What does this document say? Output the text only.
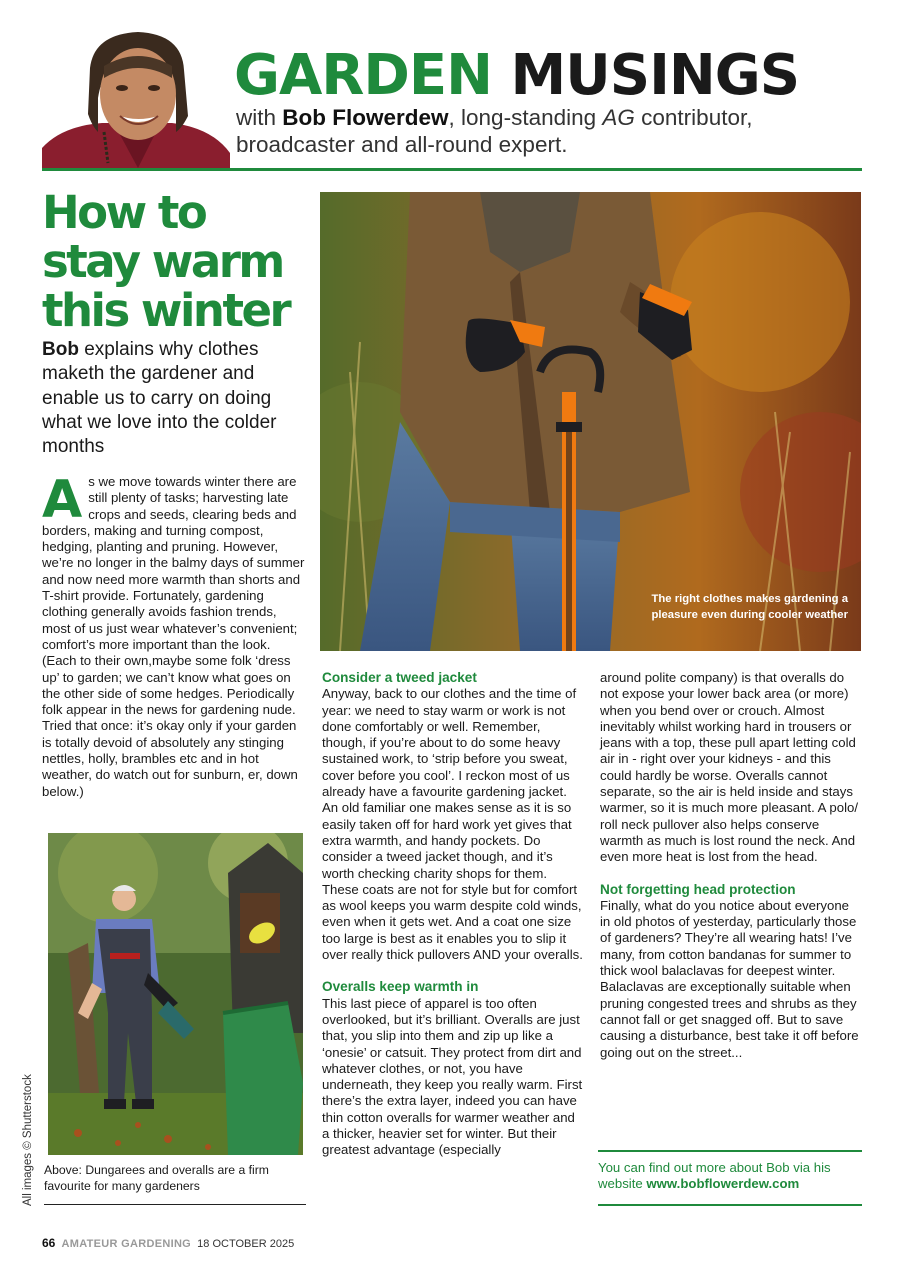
GARDEN MUSINGS
with Bob Flowerdew, long-standing AG contributor, broadcaster and all-round expert.
How to stay warm this winter
Bob explains why clothes maketh the gardener and enable us to carry on doing what we love into the colder months
A s we move towards winter there are still plenty of tasks; harvesting late crops and seeds, clearing beds and borders, making and turning compost, hedging, planting and pruning. However, we’re no longer in the balmy days of summer and now need more warmth than shorts and T-shirt provide. Fortunately, gardening clothing generally avoids fashion trends, most of us just wear whatever’s convenient; comfort’s more important than the look. (Each to their own,maybe some folk ‘dress up’ to garden; we can’t know what goes on the other side of some hedges. Periodically folk appear in the news for gardening nude. Tried that once: it’s okay only if your garden is totally devoid of absolutely any stinging nettles, holly, brambles etc and in hot weather, do watch out for sunburn, er, down below.)

The right clothes makes gardening a pleasure even during cooler weather
Above: Dungarees and overalls are a firm favourite for many gardeners
All images © Shutterstock

Consider a tweed jacket

Anyway, back to our clothes and the time of year: we need to stay warm or work is not done comfortably or well. Remember, though, if you’re about to do some heavy sustained work, to ‘strip before you sweat, cover before you cool’. I reckon most of us already have a favourite gardening jacket. An old familiar one makes sense as it is so easily taken off for hard work yet gives that extra warmth, and handy pockets. Do consider a tweed jacket though, and it’s worth checking charity shops for them. These coats are not for style but for comfort as wool keeps you warm despite cold winds, even when it gets wet. And a coat one size too large is best as it enables you to slip it over really thick pullovers AND your overalls.

Overalls keep warmth in

This last piece of apparel is too often overlooked, but it’s brilliant. Overalls are just that, you slip into them and zip up like a ‘onesie’ or catsuit. They protect from dirt and whatever clothes, or not, you have underneath, they keep you really warm. First there’s the extra layer, indeed you can have thin cotton overalls for warmer weather and a thicker, heavier set for winter. But their greatest advantage (especially

around polite company) is that overalls do not expose your lower back area (or more) when you bend over or crouch. Almost inevitably whilst working hard in trousers or jeans with a top, these pull apart letting cold air in - right over your kidneys - and this could hardly be worse. Overalls cannot separate, so the air is held inside and stays warmer, so it is much more pleasant. A polo/ roll neck pullover also helps conserve warmth as much is lost round the neck. And even more heat is lost from the head.

Not forgetting head protection

Finally, what do you notice about everyone in old photos of yesterday, particularly those of gardeners? They’re all wearing hats! I’ve many, from cotton bandanas for summer to thick wool balaclavas for deepest winter. Balaclavas are exceptionally suitable when pruning congested trees and shrubs as they cannot fall or get snagged off. But to save causing a disturbance, best take it off before going out on the street...

You can find out more about Bob via his website www.bobflowerdew.com
66 AMATEUR GARDENING 18 OCTOBER 2025
